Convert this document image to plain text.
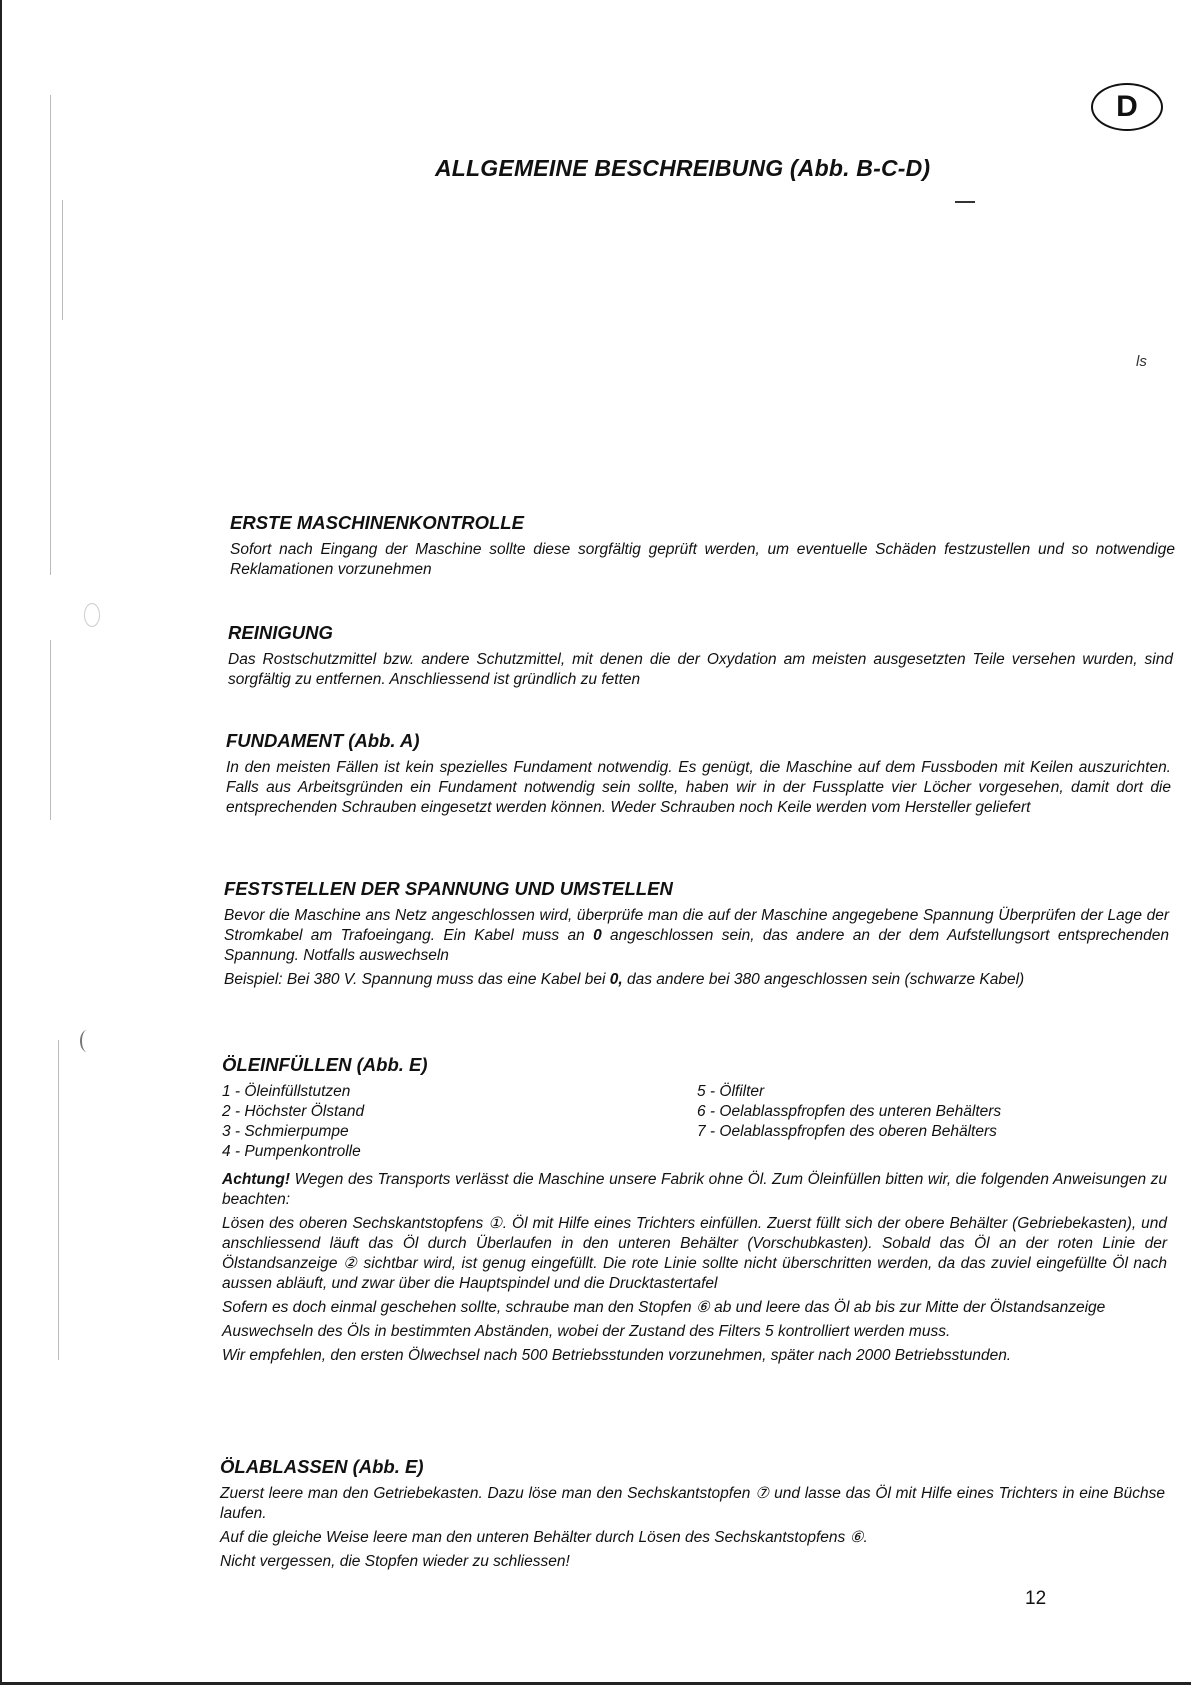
D
ALLGEMEINE BESCHREIBUNG (Abb. B-C-D)
ls
ERSTE MASCHINENKONTROLLE

Sofort nach Eingang der Maschine sollte diese sorgfältig geprüft werden, um eventuelle Schäden festzustellen und so notwendige Reklamationen vorzunehmen

REINIGUNG

Das Rostschutzmittel bzw. andere Schutzmittel, mit denen die der Oxydation am meisten ausgesetzten Teile versehen wurden, sind sorgfältig zu entfernen. Anschliessend ist gründlich zu fetten

FUNDAMENT (Abb. A)

In den meisten Fällen ist kein spezielles Fundament notwendig. Es genügt, die Maschine auf dem Fussboden mit Keilen auszurichten. Falls aus Arbeitsgründen ein Fundament notwendig sein sollte, haben wir in der Fussplatte vier Löcher vorgesehen, damit dort die entsprechenden Schrauben eingesetzt werden können. Weder Schrauben noch Keile werden vom Hersteller geliefert

FESTSTELLEN DER SPANNUNG UND UMSTELLEN

Bevor die Maschine ans Netz angeschlossen wird, überprüfe man die auf der Maschine angegebene Spannung Überprüfen der Lage der Stromkabel am Trafoeingang. Ein Kabel muss an 0 angeschlossen sein, das andere an der dem Aufstellungsort entsprechenden Spannung. Notfalls auswechseln

Beispiel: Bei 380 V. Spannung muss das eine Kabel bei 0, das andere bei 380 angeschlossen sein (schwarze Kabel)

ÖLEINFÜLLEN (Abb. E)
1 - Öleinfüllstutzen
2 - Höchster Ölstand
3 - Schmierpumpe
4 - Pumpenkontrolle
5 - Ölfilter
6 - Oelablasspfropfen des unteren Behälters
7 - Oelablasspfropfen des oberen Behälters

Achtung! Wegen des Transports verlässt die Maschine unsere Fabrik ohne Öl. Zum Öleinfüllen bitten wir, die folgenden Anweisungen zu beachten:

Lösen des oberen Sechskantstopfens ①. Öl mit Hilfe eines Trichters einfüllen. Zuerst füllt sich der obere Behälter (Gebriebekasten), und anschliessend läuft das Öl durch Überlaufen in den unteren Behälter (Vorschubkasten). Sobald das Öl an der roten Linie der Ölstandsanzeige ② sichtbar wird, ist genug eingefüllt. Die rote Linie sollte nicht überschritten werden, da das zuviel eingefüllte Öl nach aussen abläuft, und zwar über die Hauptspindel und die Drucktastertafel

Sofern es doch einmal geschehen sollte, schraube man den Stopfen ⑥ ab und leere das Öl ab bis zur Mitte der Ölstandsanzeige

Auswechseln des Öls in bestimmten Abständen, wobei der Zustand des Filters 5 kontrolliert werden muss.

Wir empfehlen, den ersten Ölwechsel nach 500 Betriebsstunden vorzunehmen, später nach 2000 Betriebsstunden.

ÖLABLASSEN (Abb. E)

Zuerst leere man den Getriebekasten. Dazu löse man den Sechskantstopfen ⑦ und lasse das Öl mit Hilfe eines Trichters in eine Büchse laufen.

Auf die gleiche Weise leere man den unteren Behälter durch Lösen des Sechskantstopfens ⑥.

Nicht vergessen, die Stopfen wieder zu schliessen!

12
